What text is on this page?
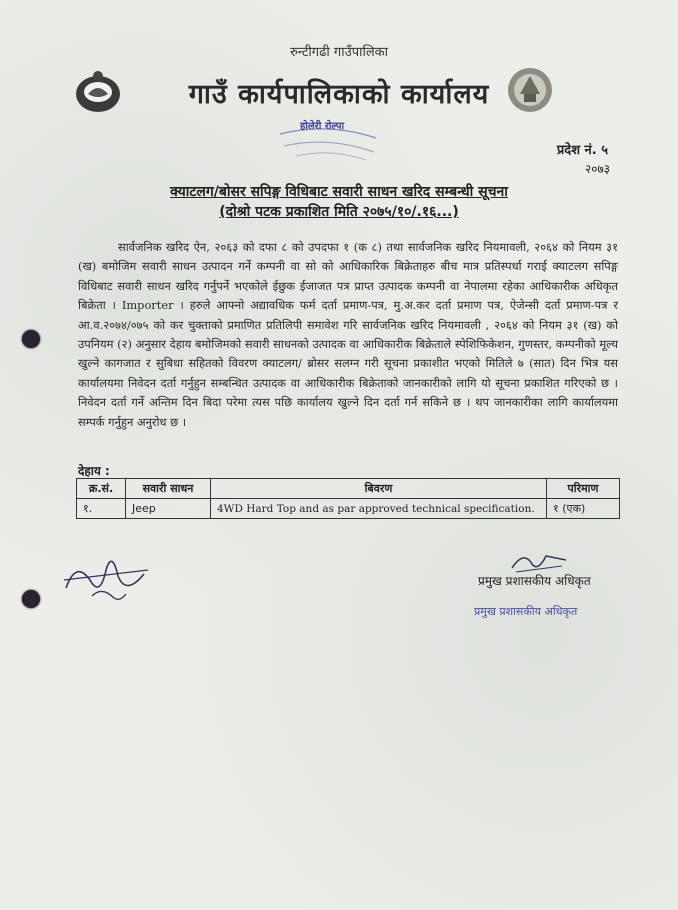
रुन्टीगढी गाउँपालिका
गाउँ कार्यपालिकाको कार्यालय
होलेरी रोल्पा
प्रदेश नं. ५
२०७३
क्याटलग/बोसर सपिङ्ग विधिबाट सवारी साधन खरिद सम्बन्धी सूचना
(दोश्रो पटक प्रकाशित मिति २०७५/१०/.१६...)
सार्वजनिक खरिद ऐन, २०६३ को दफा ८ को उपदफा १ (क ८) तथा सार्वजनिक खरिद नियमावली, २०६४ को नियम ३१ (ख) बमोजिम सवारी साधन उत्पादन गर्ने कम्पनी वा सो को आधिकारिक बिक्रेताहरु बीच मात्र प्रतिस्पर्धा गराई क्याटलग सपिङ्ग विधिबाट सवारी साधन खरिद गर्नुपर्ने भएकोले ईछुक ईजाजत पत्र प्राप्त उत्पादक कम्पनी वा नेपालमा रहेका आधिकारीक अधिकृत बिक्रेता । Importer । हरुले आफ्नो अद्यावधिक फर्म दर्ता प्रमाण-पत्र, मु.अ.कर दर्ता प्रमाण पत्र, ऐजेन्सी दर्ता प्रमाण-पत्र र आ.व.२०७४/०७५ को कर चुक्ताको प्रमाणित प्रतिलिपी समावेश गरि सार्वजनिक खरिद नियमावली , २०६४ को नियम ३१ (ख) को उपनियम (२) अनुसार देहाय बमोजिमको सवारी साधनको उत्पादक वा आधिकारीक बिक्रेताले स्पेशिफिकेशन, गुणस्तर, कम्पनीको मूल्य खुल्ने कागजात र सुबिधा सहितको विवरण क्याटलग/ ब्रोसर सलग्न गरी सूचना प्रकाशीत भएको मितिले ७ (सात) दिन भित्र यस कार्यालयमा निवेदन दर्ता गर्नुहुन सम्बन्धित उत्पादक वा आधिकारीक बिक्रेताको जानकारीको लागि यो सूचना प्रकाशित गरिएको छ । निवेदन दर्ता गर्ने अन्तिम दिन बिदा परेमा त्यस पछि कार्यालय खुल्ने दिन दर्ता गर्न सकिने छ । थप जानकारीका लागि कार्यालयमा सम्पर्क गर्नुहुन अनुरोध छ ।
देहाय :
क्र.सं.	सवारी साधन	बिवरण	परिमाण
१.	Jeep	4WD Hard Top and as par approved technical specification.	१ (एक)
प्रमुख प्रशासकीय अधिकृत
प्रमुख प्रशासकीय अधिकृत
